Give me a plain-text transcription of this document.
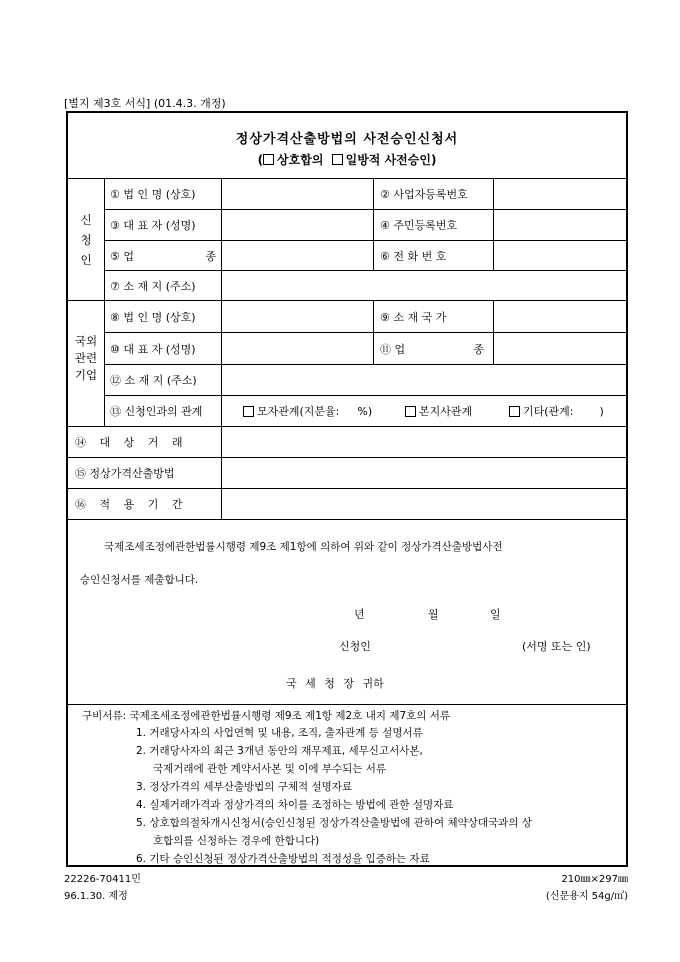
[별지 제3호 서식] (01.4.3. 개정)
정상가격산출방법의 사전승인신청서
( 상호합의 일방적 사전승인)
신
청
인
① 법 인 명 (상호)	② 사업자등록번호
③ 대 표 자 (성명)	④ 주민등록번호
⑤ 업	종	⑥ 전 화 번 호
⑦ 소 재 지 (주소)
국외
관련
기업
⑧ 법 인 명 (상호)	⑨ 소 재 국 가
⑩ 대 표 자 (성명)	⑪ 업	종
⑫ 소 재 지 (주소)
⑬ 신청인과의 관계	모자관계(지분율: %)	본지사관계	기타(관계: )
⑭ 대 상 거 래
⑮ 정상가격산출방법
⑯ 적 용 기 간
국제조세조정에관한법률시행령 제9조 제1항에 의하여 위와 같이 정상가격산출방법사전
승인신청서를 제출합니다.
년	월	일
신청인	(서명 또는 인)
국 세 청 장 귀하
구비서류: 국제조세조정에관한법률시행령 제9조 제1항 제2호 내지 제7호의 서류
1. 거래당사자의 사업연혁 및 내용, 조직, 출자관계 등 설명서류
2. 거래당사자의 최근 3개년 동안의 재무제표, 세무신고서사본,
국제거래에 관한 계약서사본 및 이에 부수되는 서류
3. 정상가격의 세부산출방법의 구체적 설명자료
4. 실제거래가격과 정상가격의 차이를 조정하는 방법에 관한 설명자료
5. 상호합의절차개시신청서(승인신청된 정상가격산출방법에 관하여 체약상대국과의 상
호합의를 신청하는 경우에 한합니다)
6. 기타 승인신청된 정상가격산출방법의 적정성을 입증하는 자료
22226-70411민	210㎜×297㎜
96.1.30. 제정	(신문용지 54g/㎡)
